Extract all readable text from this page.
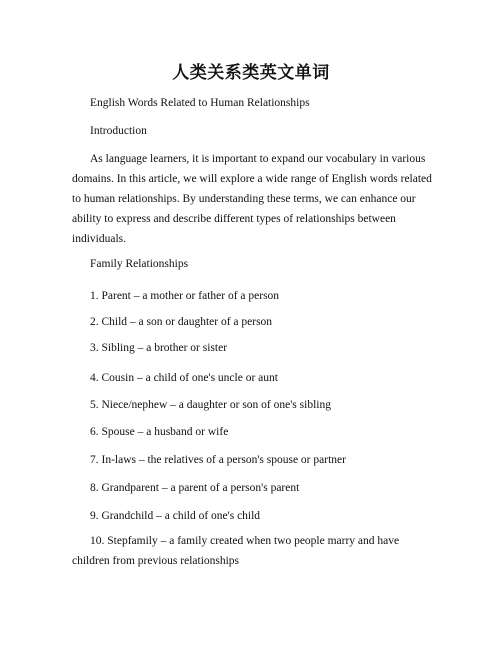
人类关系类英文单词
English Words Related to Human Relationships
Introduction

As language learners, it is important to expand our vocabulary in various domains. In this article, we will explore a wide range of English words related to human relationships. By understanding these terms, we can enhance our ability to express and describe different types of relationships between individuals.

Family Relationships
1. Parent – a mother or father of a person
2. Child – a son or daughter of a person
3. Sibling – a brother or sister
4. Cousin – a child of one's uncle or aunt
5. Niece/nephew – a daughter or son of one's sibling
6. Spouse – a husband or wife
7. In-laws – the relatives of a person's spouse or partner
8. Grandparent – a parent of a person's parent
9. Grandchild – a child of one's child

10. Stepfamily – a family created when two people marry and have children from previous relationships
